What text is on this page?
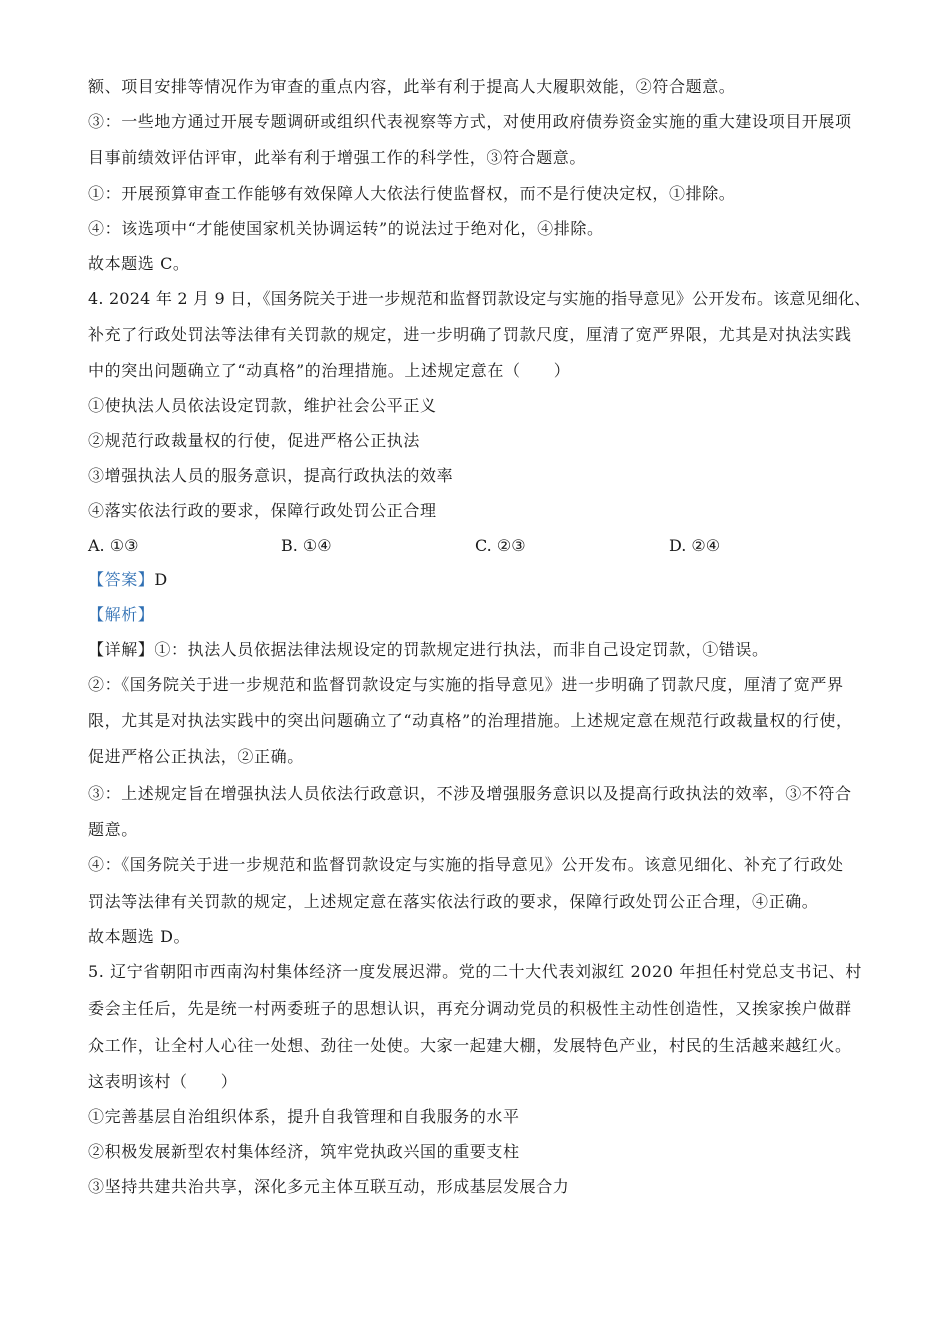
额、项目安排等情况作为审查的重点内容，此举有利于提高人大履职效能，②符合题意。
③：一些地方通过开展专题调研或组织代表视察等方式，对使用政府债券资金实施的重大建设项目开展项
目事前绩效评估评审，此举有利于增强工作的科学性，③符合题意。
①：开展预算审查工作能够有效保障人大依法行使监督权，而不是行使决定权，①排除。
④：该选项中“才能使国家机关协调运转”的说法过于绝对化，④排除。
故本题选 C。
4. 2024 年 2 月 9 日，《国务院关于进一步规范和监督罚款设定与实施的指导意见》公开发布。该意见细化、
补充了行政处罚法等法律有关罚款的规定，进一步明确了罚款尺度，厘清了宽严界限，尤其是对执法实践
中的突出问题确立了“动真格”的治理措施。上述规定意在（　　）
①使执法人员依法设定罚款，维护社会公平正义
②规范行政裁量权的行使，促进严格公正执法
③增强执法人员的服务意识，提高行政执法的效率
④落实依法行政的要求，保障行政处罚公正合理
A. ①③	B. ①④	C. ②③	D. ②④
【答案】D
【解析】
【详解】①：执法人员依据法律法规设定的罚款规定进行执法，而非自己设定罚款，①错误。
②：《国务院关于进一步规范和监督罚款设定与实施的指导意见》进一步明确了罚款尺度，厘清了宽严界
限，尤其是对执法实践中的突出问题确立了“动真格”的治理措施。上述规定意在规范行政裁量权的行使，
促进严格公正执法，②正确。
③：上述规定旨在增强执法人员依法行政意识，不涉及增强服务意识以及提高行政执法的效率，③不符合
题意。
④：《国务院关于进一步规范和监督罚款设定与实施的指导意见》公开发布。该意见细化、补充了行政处
罚法等法律有关罚款的规定，上述规定意在落实依法行政的要求，保障行政处罚公正合理，④正确。
故本题选 D。
5. 辽宁省朝阳市西南沟村集体经济一度发展迟滞。党的二十大代表刘淑红 2020 年担任村党总支书记、村
委会主任后，先是统一村两委班子的思想认识，再充分调动党员的积极性主动性创造性，又挨家挨户做群
众工作，让全村人心往一处想、劲往一处使。大家一起建大棚，发展特色产业，村民的生活越来越红火。
这表明该村（　　）
①完善基层自治组织体系，提升自我管理和自我服务的水平
②积极发展新型农村集体经济，筑牢党执政兴国的重要支柱
③坚持共建共治共享，深化多元主体互联互动，形成基层发展合力
